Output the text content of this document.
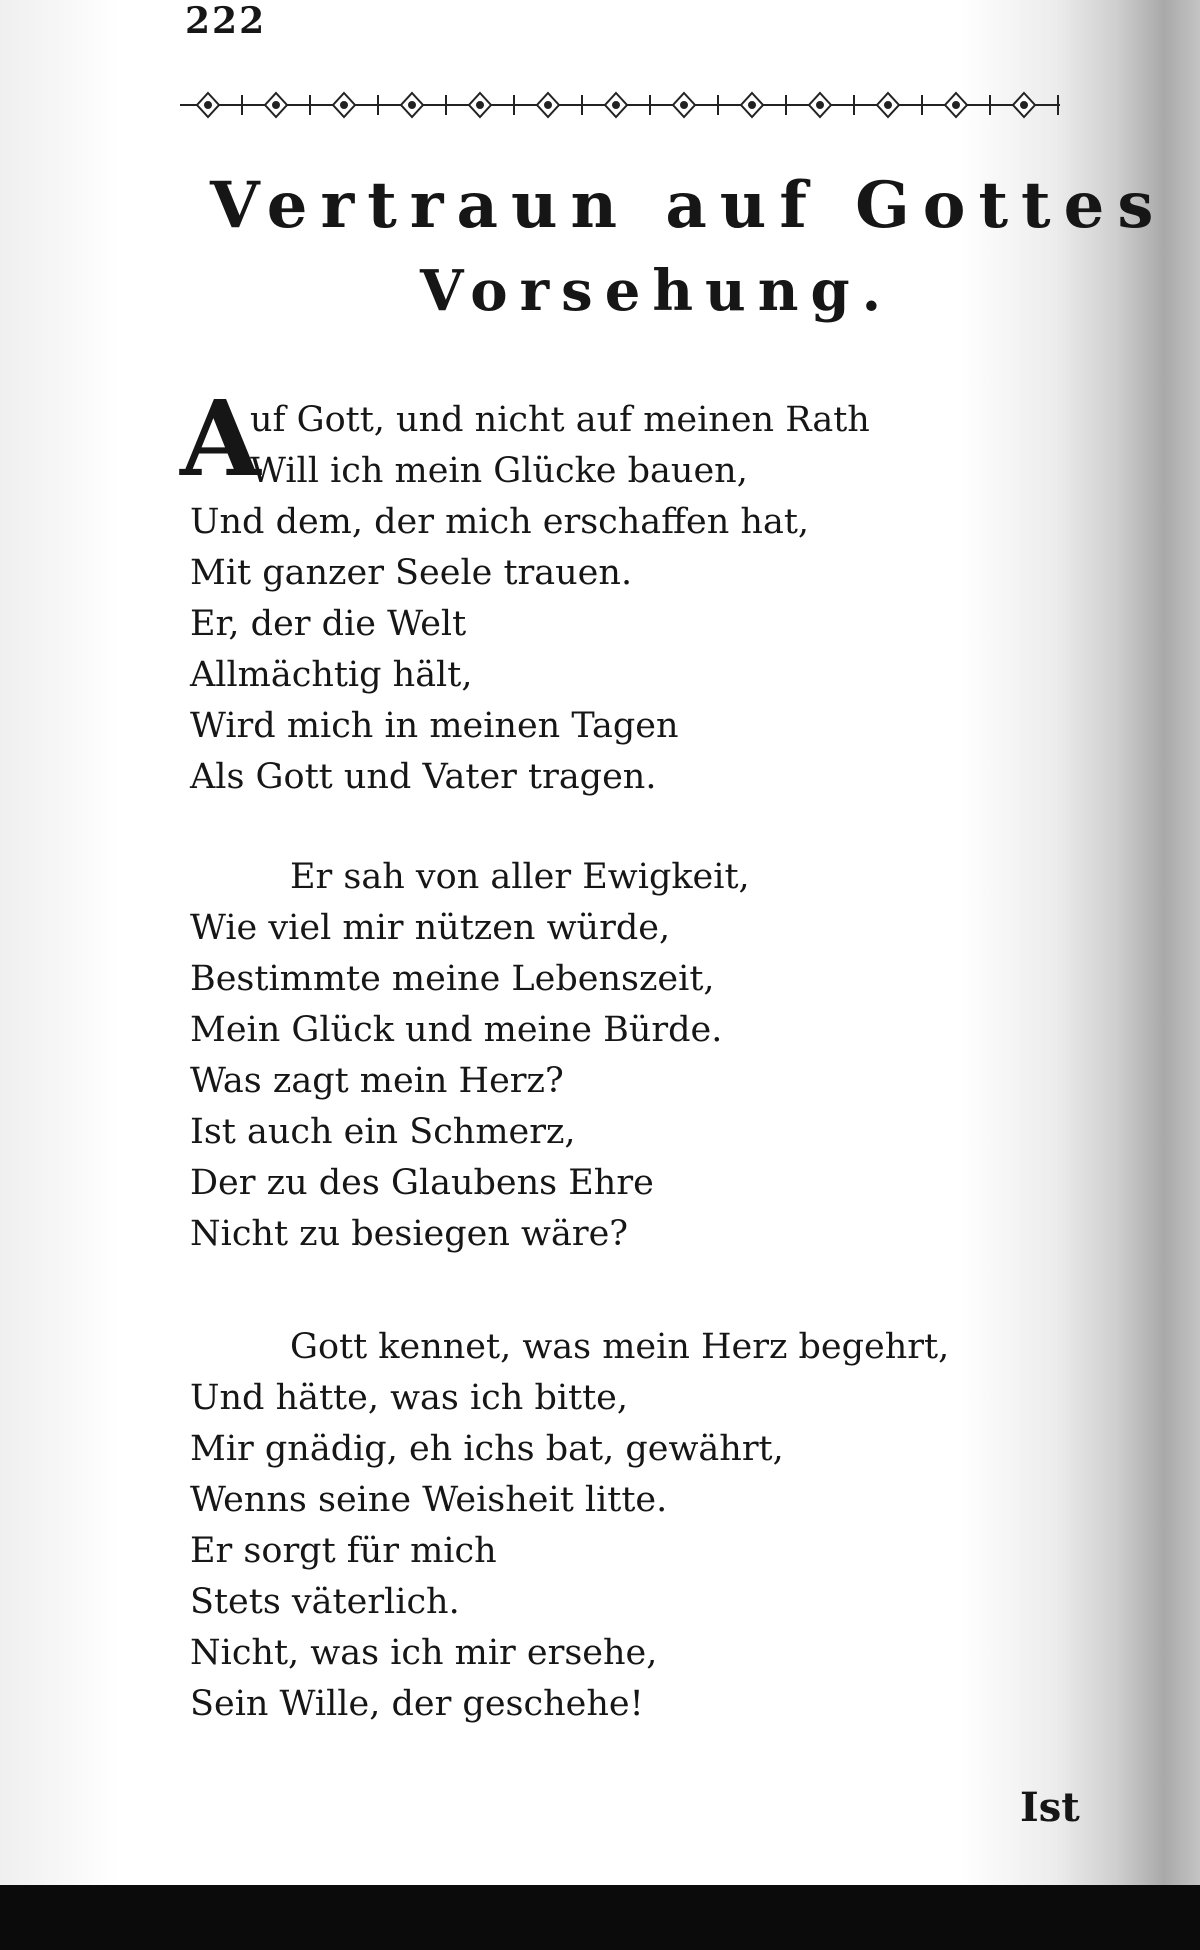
222
Vertraun auf Gottes
Vorsehung.
A
uf Gott, und nicht auf meinen Rath
Will ich mein Glücke bauen,
Und dem, der mich erschaffen hat,
Mit ganzer Seele trauen.
Er, der die Welt
Allmächtig hält,
Wird mich in meinen Tagen
Als Gott und Vater tragen.
Er sah von aller Ewigkeit,
Wie viel mir nützen würde,
Bestimmte meine Lebenszeit,
Mein Glück und meine Bürde.
Was zagt mein Herz?
Ist auch ein Schmerz,
Der zu des Glaubens Ehre
Nicht zu besiegen wäre?
Gott kennet, was mein Herz begehrt,
Und hätte, was ich bitte,
Mir gnädig, eh ichs bat, gewährt,
Wenns seine Weisheit litte.
Er sorgt für mich
Stets väterlich.
Nicht, was ich mir ersehe,
Sein Wille, der geschehe!
Ist
